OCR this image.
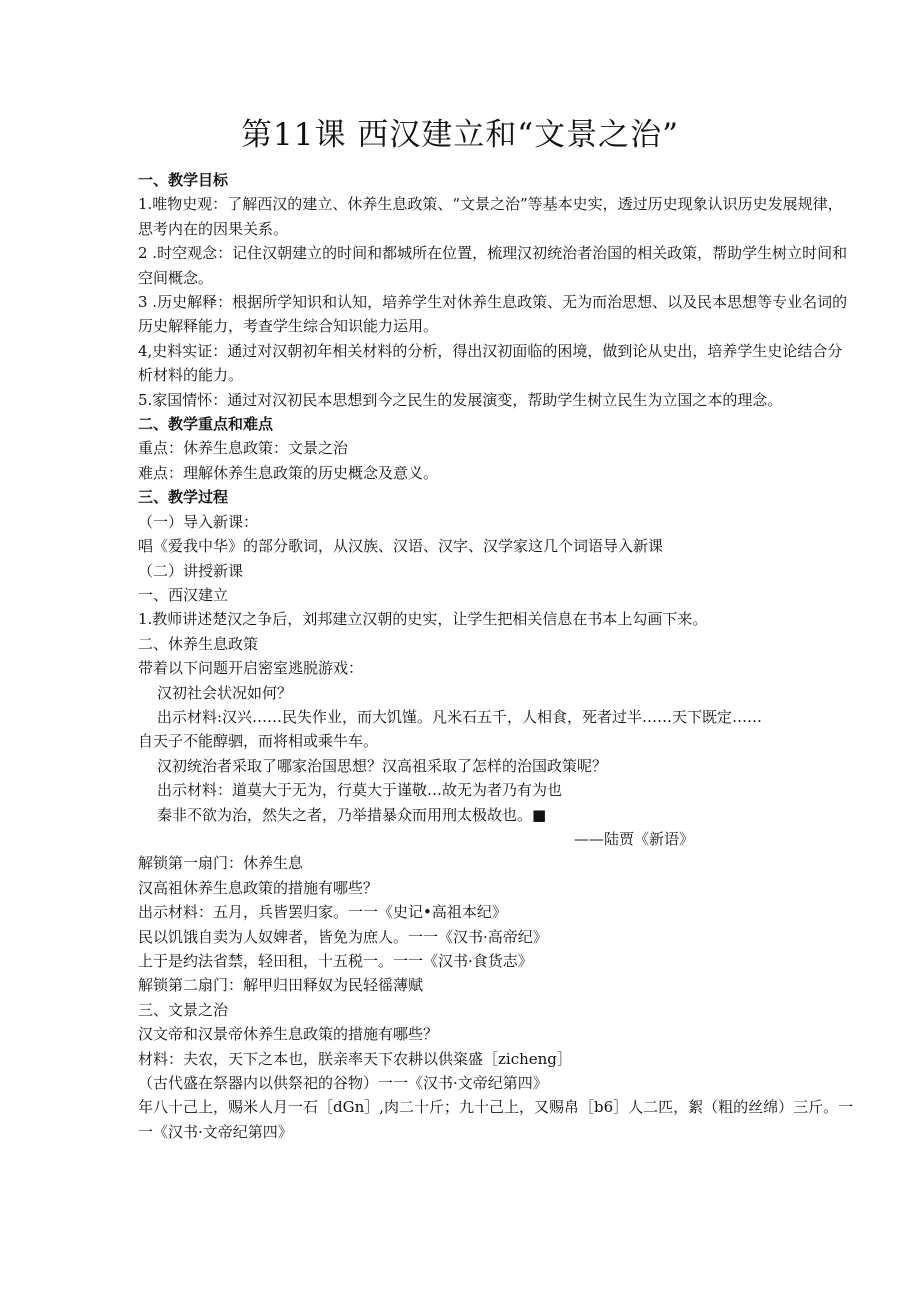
第11课 西汉建立和“文景之治”

一、教学目标

1.唯物史观：了解西汉的建立、休养生息政策、“文景之治”等基本史实，透过历史现象认识历史发展规律，思考内在的因果关系。

2 .时空观念：记住汉朝建立的时间和都城所在位置，梳理汉初统治者治国的相关政策，帮助学生树立时间和空间概念。

3 .历史解释：根据所学知识和认知，培养学生对休养生息政策、无为而治思想、以及民本思想等专业名词的历史解释能力，考查学生综合知识能力运用。

4,史料实证：通过对汉朝初年相关材料的分析，得出汉初面临的困境，做到论从史出，培养学生史论结合分析材料的能力。

5.家国情怀：通过对汉初民本思想到今之民生的发展演变，帮助学生树立民生为立国之本的理念。

二、教学重点和难点

重点：休养生息政策：文景之治

难点：理解休养生息政策的历史概念及意义。

三、教学过程

（一）导入新课：

唱《爱我中华》的部分歌词，从汉族、汉语、汉字、汉学家这几个词语导入新课

（二）讲授新课

一、西汉建立

1.教师讲述楚汉之争后，刘邦建立汉朝的史实，让学生把相关信息在书本上勾画下来。

二、休养生息政策

带着以下问题开启密室逃脱游戏：

汉初社会状况如何？

出示材料:汉兴……民失作业，而大饥馑。凡米石五千，人相食，死者过半……天下既定……

自天子不能醇驷，而将相或乘牛车。

汉初统治者采取了哪家治国思想？汉高祖采取了怎样的治国政策呢？

出示材料：道莫大于无为，行莫大于谨敬…故无为者乃有为也

秦非不欲为治，然失之者，乃举措暴众而用刑太极故也。■

——陆贾《新语》

解锁第一扇门：休养生息

汉高祖休养生息政策的措施有哪些？

出示材料：五月，兵皆罢归家。一一《史记•高祖本纪》

民以饥饿自卖为人奴婢者，皆免为庶人。一一《汉书·高帝纪》

上于是约法省禁，轻田租，十五税一。一一《汉书·食货志》

解锁第二扇门：解甲归田释奴为民轻徭薄赋

三、文景之治

汉文帝和汉景帝休养生息政策的措施有哪些？

材料：夫农，天下之本也，朕亲率天下农耕以供粢盛［zicheng］

（古代盛在祭器内以供祭祀的谷物）一一《汉书·文帝纪第四》

年八十己上，赐米人月一石［dGn］,肉二十斤；九十己上，又赐帛［b6］人二匹，絮（粗的丝绵）三斤。一一《汉书·文帝纪第四》
